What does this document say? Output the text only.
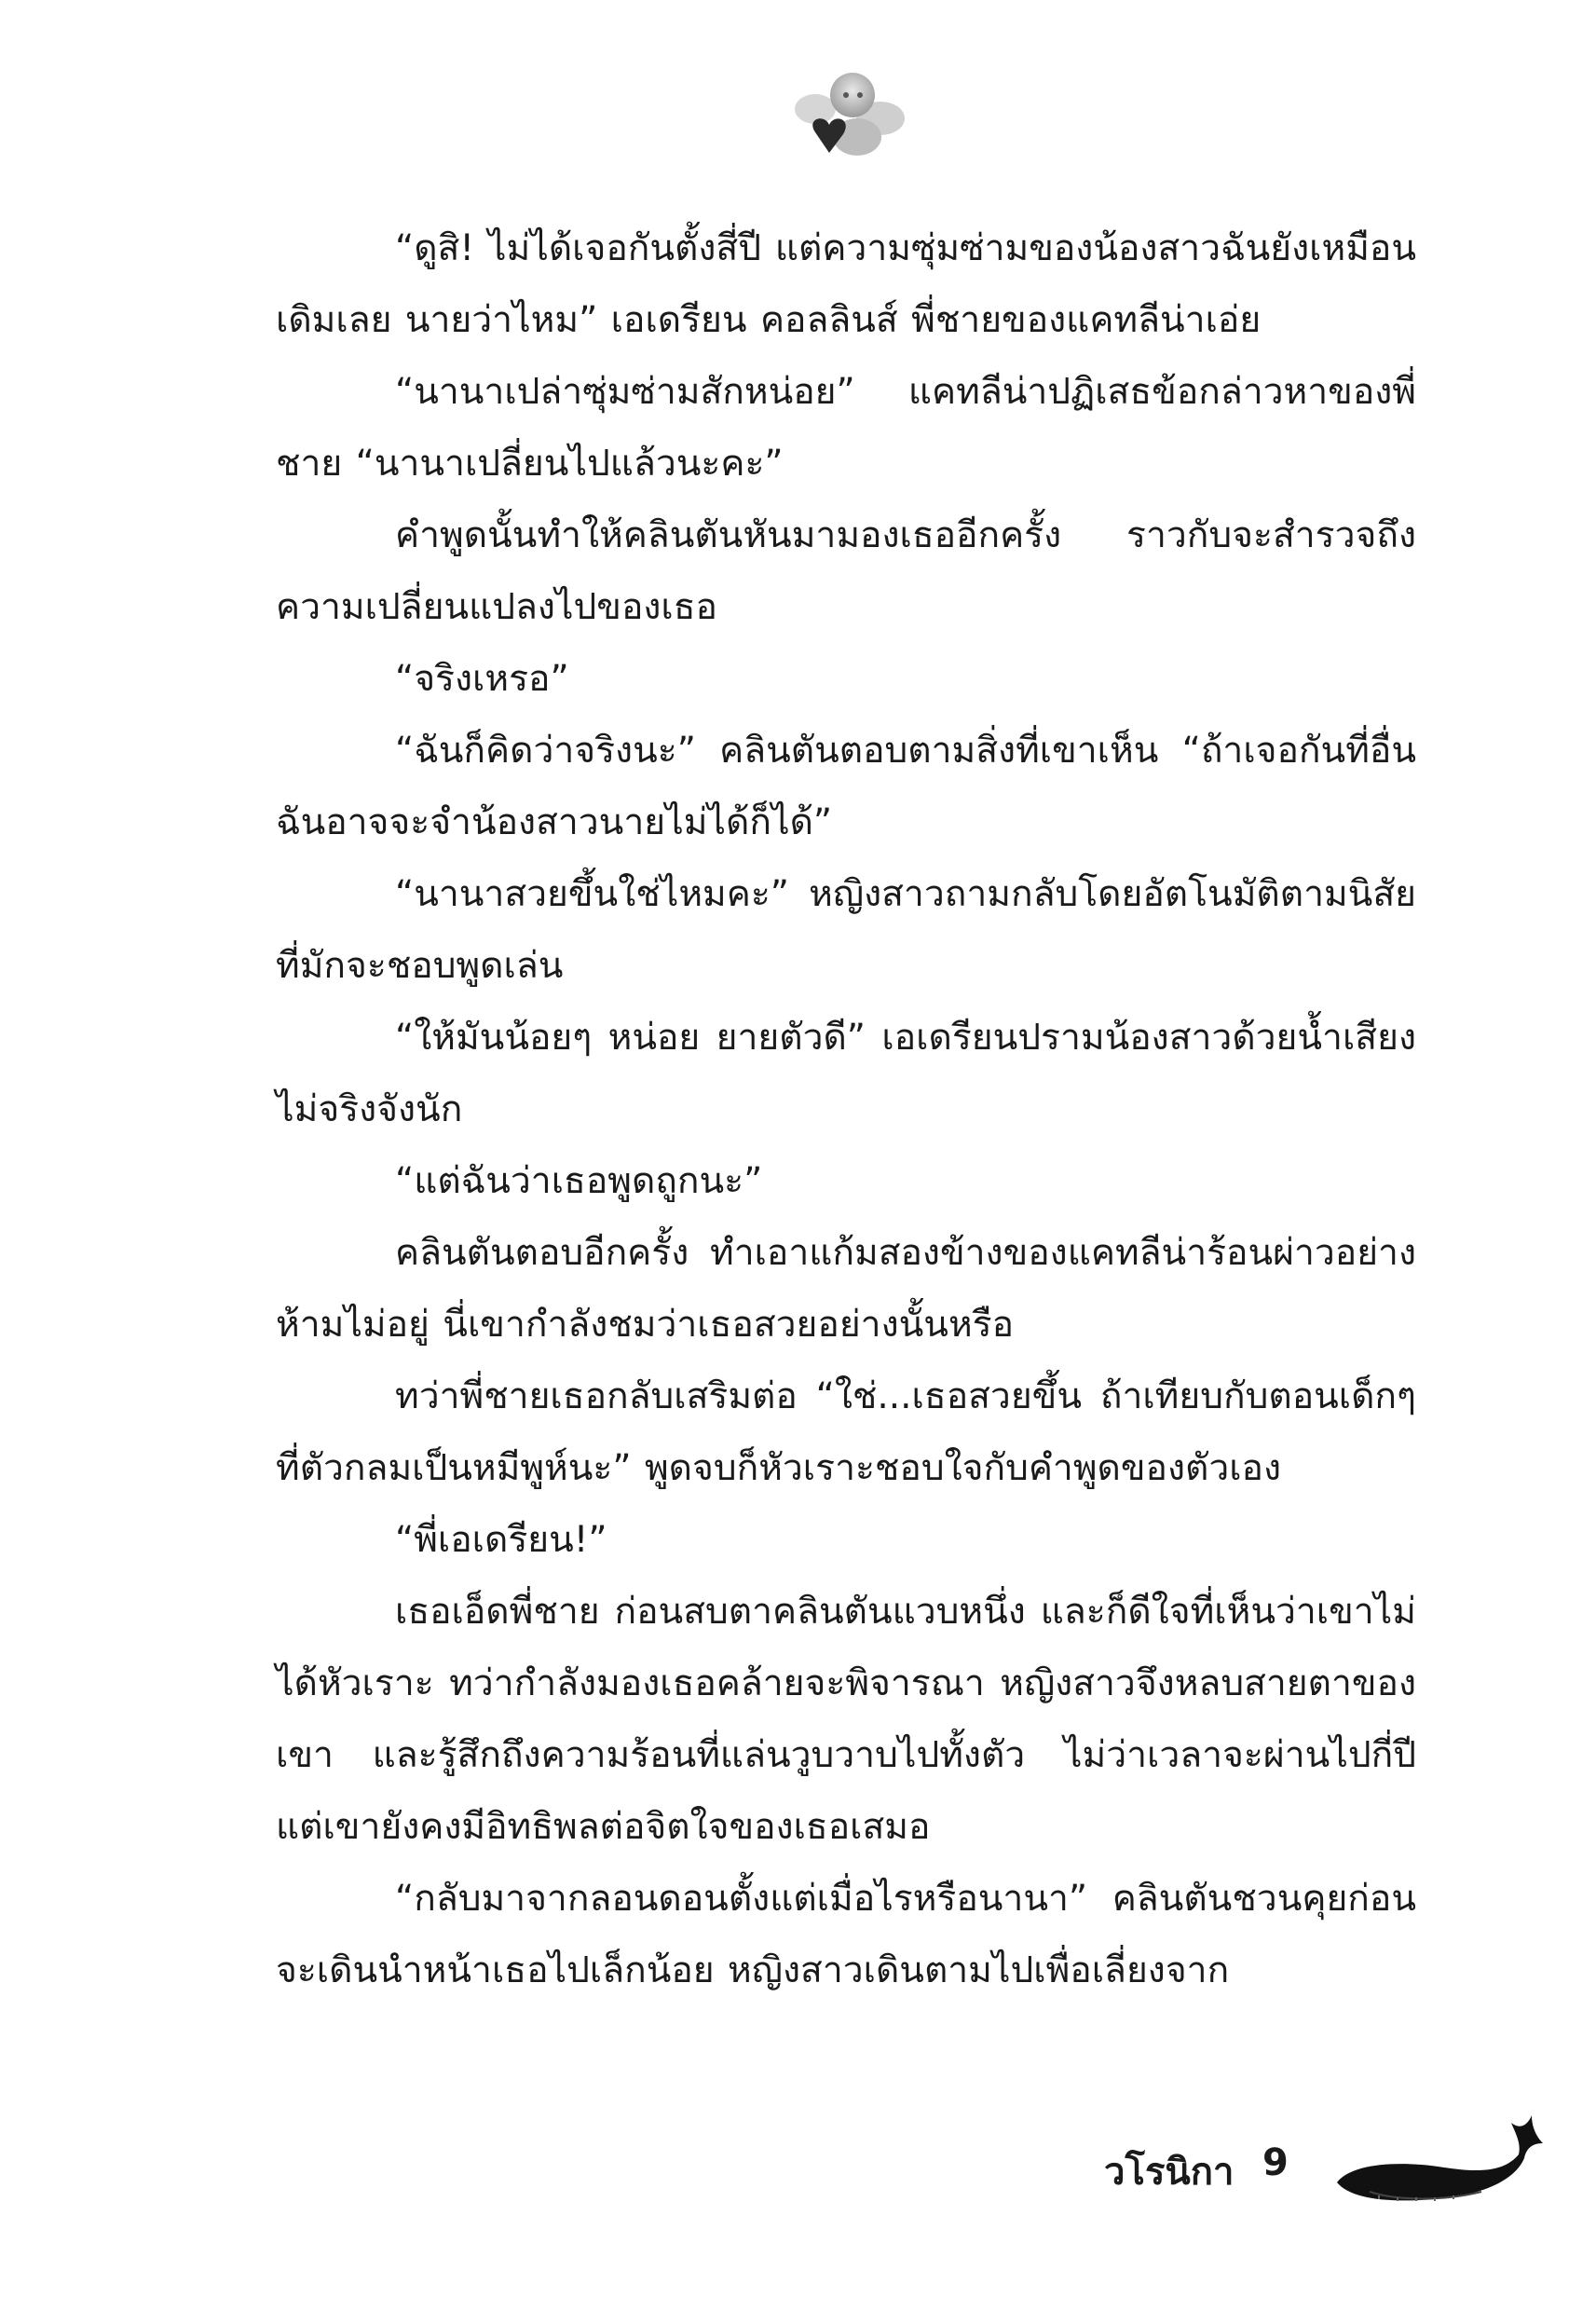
“ดูสิ! ไม่ได้เจอกันตั้งสี่ปี แต่ความซุ่มซ่ามของน้องสาวฉันยังเหมือนเดิมเลย นายว่าไหม” เอเดรียน คอลลินส์ พี่ชายของแคทลีน่าเอ่ย

“นานาเปล่าซุ่มซ่ามสักหน่อย” แคทลีน่าปฏิเสธข้อกล่าวหาของพี่ชาย “นานาเปลี่ยนไปแล้วนะคะ”

คำพูดนั้นทำให้คลินตันหันมามองเธออีกครั้ง ราวกับจะสำรวจถึงความเปลี่ยนแปลงไปของเธอ

“จริงเหรอ”

“ฉันก็คิดว่าจริงนะ” คลินตันตอบตามสิ่งที่เขาเห็น “ถ้าเจอกันที่อื่นฉันอาจจะจำน้องสาวนายไม่ได้ก็ได้”

“นานาสวยขึ้นใช่ไหมคะ” หญิงสาวถามกลับโดยอัตโนมัติตามนิสัยที่มักจะชอบพูดเล่น

“ให้มันน้อยๆ หน่อย ยายตัวดี” เอเดรียนปรามน้องสาวด้วยน้ำเสียงไม่จริงจังนัก

“แต่ฉันว่าเธอพูดถูกนะ”

คลินตันตอบอีกครั้ง ทำเอาแก้มสองข้างของแคทลีน่าร้อนผ่าวอย่างห้ามไม่อยู่ นี่เขากำลังชมว่าเธอสวยอย่างนั้นหรือ

ทว่าพี่ชายเธอกลับเสริมต่อ “ใช่...เธอสวยขึ้น ถ้าเทียบกับตอนเด็กๆ ที่ตัวกลมเป็นหมีพูห์นะ” พูดจบก็หัวเราะชอบใจกับคำพูดของตัวเอง

“พี่เอเดรียน!”

เธอเอ็ดพี่ชาย ก่อนสบตาคลินตันแวบหนึ่ง และก็ดีใจที่เห็นว่าเขาไม่ได้หัวเราะ ทว่ากำลังมองเธอคล้ายจะพิจารณา หญิงสาวจึงหลบสายตาของเขา และรู้สึกถึงความร้อนที่แล่นวูบวาบไปทั้งตัว ไม่ว่าเวลาจะผ่านไปกี่ปี แต่เขายังคงมีอิทธิพลต่อจิตใจของเธอเสมอ

“กลับมาจากลอนดอนตั้งแต่เมื่อไรหรือนานา” คลินตันชวนคุยก่อนจะเดินนำหน้าเธอไปเล็กน้อย หญิงสาวเดินตามไปเพื่อเลี่ยงจาก

วโรนิกา 9
